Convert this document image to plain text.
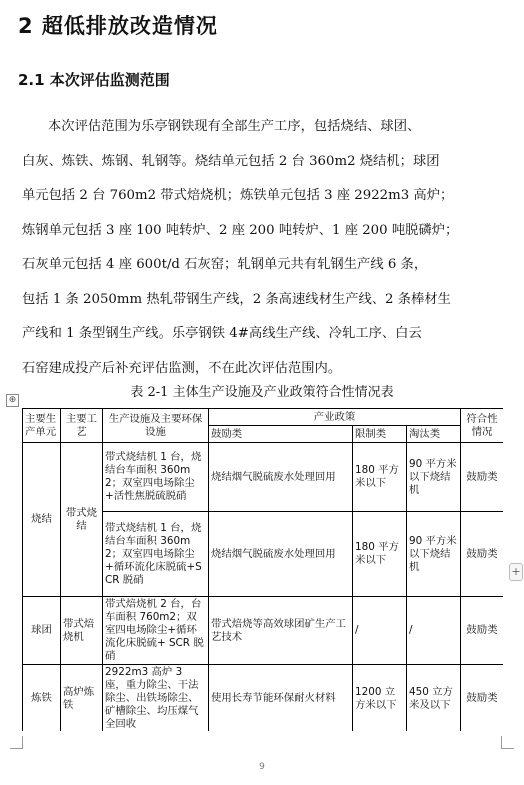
2 超低排放改造情况
2.1 本次评估监测范围
本次评估范围为乐亭钢铁现有全部生产工序，包括烧结、球团、
白灰、炼铁、炼钢、轧钢等。烧结单元包括 2 台 360m2 烧结机；球团
单元包括 2 台 760m2 带式焙烧机；炼铁单元包括 3 座 2922m3 高炉；
炼钢单元包括 3 座 100 吨转炉、2 座 200 吨转炉、1 座 200 吨脱磷炉；
石灰单元包括 4 座 600t/d 石灰窑；轧钢单元共有轧钢生产线 6 条，
包括 1 条 2050mm 热轧带钢生产线，2 条高速线材生产线、2 条棒材生
产线和 1 条型钢生产线。乐亭钢铁 4#高线生产线、冷轧工序、白云
石窑建成投产后补充评估监测，不在此次评估范围内。
表 2-1 主体生产设施及产业政策符合性情况表
⊕
+
主要生产单元	主要工艺	生产设施及主要环保设施	产业政策			符合性情况
			鼓励类	限制类	淘汰类	
烧结	带式烧结	带式烧结机 1 台，烧结台车面积 360m2；双室四电场除尘+活性焦脱硫脱硝	烧结烟气脱硫废水处理回用	180 平方米以下	90 平方米以下烧结机	鼓励类
		带式烧结机 1 台，烧结台车面积 360m2；双室四电场除尘+循环流化床脱硫+SCR 脱硝	烧结烟气脱硫废水处理回用	180 平方米以下	90 平方米以下烧结机	鼓励类
球团	带式焙烧机	带式焙烧机 2 台，台车面积 760m2；双室四电场除尘+循环流化床脱硫+ SCR 脱硝	带式焙烧等高效球团矿生产工艺技术	/	/	鼓励类
炼铁	高炉炼铁	2922m3 高炉 3 座，重力除尘、干法除尘、出铁场除尘、矿槽除尘、均压煤气全回收	使用长寿节能环保耐火材料	1200 立方米以下	450 立方米及以下	鼓励类
9
